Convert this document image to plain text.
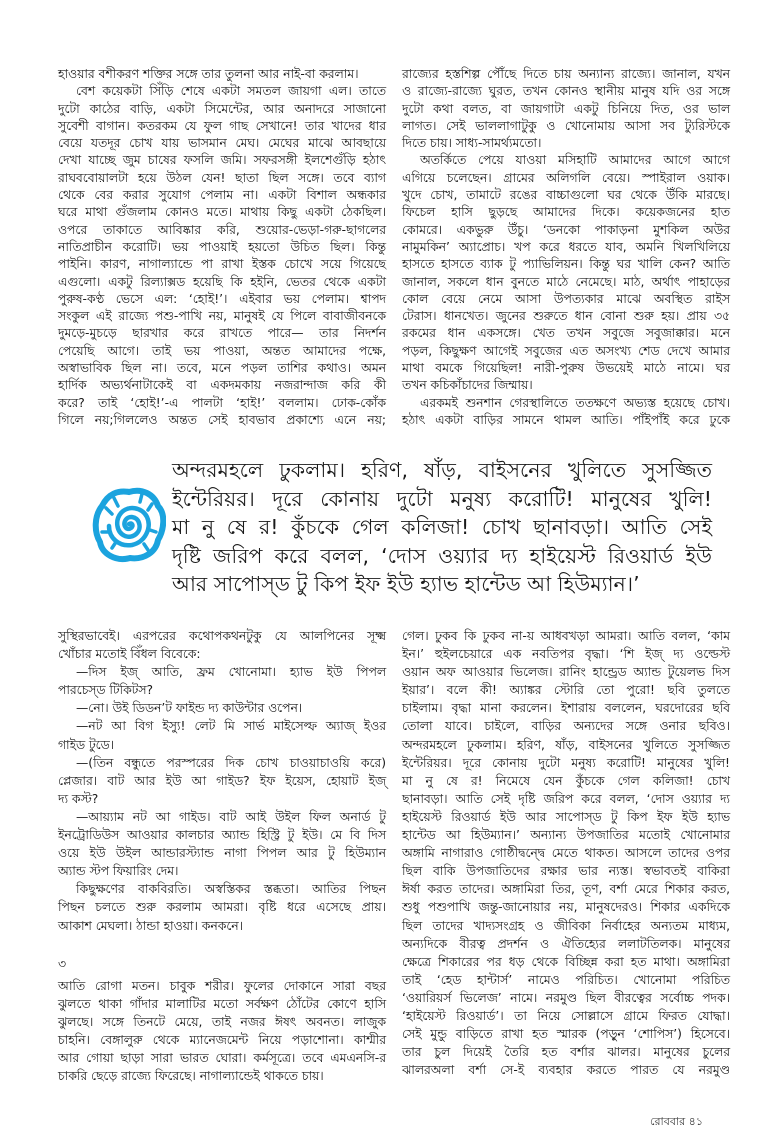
হাওয়ার বশীকরণ শক্তির সঙ্গে তার তুলনা আর নাই-বা করলাম।
বেশ কয়েকটা সিঁড়ি শেষে একটা সমতল জায়গা এল। তাতে
দুটো কাঠের বাড়ি, একটা সিমেন্টের, আর অনাদরে সাজানো
সুবেশী বাগান। কতরকম যে ফুল গাছ সেখানে! তার খাদের ধার
বেয়ে যতদূর চোখ যায় ভাসমান মেঘ। মেঘের মাঝে আবছায়ে
দেখা যাচ্ছে জুম চাষের ফসলি জমি। সফরসঙ্গী ইলশেগুঁড়ি হঠাৎ
রাঘববোয়ালটা হয়ে উঠল যেন! ছাতা ছিল সঙ্গে। তবে ব্যাগ
থেকে বের করার সুযোগ পেলাম না। একটা বিশাল অন্ধকার
ঘরে মাথা গুঁজলাম কোনও মতে। মাথায় কিছু একটা ঠেকছিল।
ওপরে তাকাতে আবিষ্কার করি, শুয়োর-ভেড়া-গরু-ছাগলের
নাতিপ্রাচীন করোটি। ভয় পাওয়াই হয়তো উচিত ছিল। কিন্তু
পাইনি। কারণ, নাগাল্যান্ডে পা রাখা ইস্তক চোখে সয়ে গিয়েছে
এগুলো। একটু রিল্যাক্সড হয়েছি কি হইনি, ভেতর থেকে একটা
পুরুষ-কণ্ঠ ভেসে এল: ‘হোই!’। এইবার ভয় পেলাম। শ্বাপদ
সংকুল এই রাজ্যে পশু-পাখি নয়, মানুষই যে পিলে বাবাজীবনকে
দুমড়ে-মুচড়ে ছারখার করে রাখতে পারে— তার নিদর্শন
পেয়েছি আগে। তাই ভয় পাওয়া, অন্তত আমাদের পক্ষে,
অস্বাভাবিক ছিল না। তবে, মনে পড়ল তাশির কথাও। অমন
হার্দিক অভ্যর্থনাটাকেই বা একদমকায় নজরান্দাজ করি কী
করে? তাই ‘হোই!’-এ পালটা ‘হাই!’ বললাম। ঢোক-কোঁক
গিলে নয়;গিললেও অন্তত সেই হাবভাব প্রকাশ্যে এনে নয়;
রাজ্যের হস্তশিল্প পৌঁছে দিতে চায় অন্যান্য রাজ্যে। জানাল, যখন
ও রাজ্যে-রাজ্যে ঘুরত, তখন কোনও স্থানীয় মানুষ যদি ওর সঙ্গে
দুটো কথা বলত, বা জায়গাটা একটু চিনিয়ে দিত, ওর ভাল
লাগত। সেই ভাললাগাটুকু ও খোনোমায় আসা সব ট্যুরিস্টকে
দিতে চায়। সাধ্য-সামর্থ্যমতো।
অতর্কিতে পেয়ে যাওয়া মসিহাটি আমাদের আগে আগে
এগিয়ে চলেছেন। গ্রামের অলিগলি বেয়ে। স্পাইরাল ওয়াক।
খুদে চোখ, তামাটে রঙের বাচ্চাগুলো ঘর থেকে উঁকি মারছে।
ফিচেল হাসি ছুড়ছে আমাদের দিকে। কয়েকজনের হাত
কোমরে। একভুরু উঁচু। ‘ডনকো পাকাড়না মুশকিল অউর
নামুমকিন’ অ্যাপ্রোচ। খপ করে ধরতে যাব, অমনি খিলখিলিয়ে
হাসতে হাসতে ব্যাক টু প্যাভিলিয়ন। কিন্তু ঘর খালি কেন? আতি
জানাল, সকলে ধান বুনতে মাঠে নেমেছে। মাঠ, অর্থাৎ পাহাড়ের
কোল বেয়ে নেমে আসা উপত্যকার মাঝে অবস্থিত রাইস
টেরাস। ধানখেত। জুনের শুরুতে ধান বোনা শুরু হয়। প্রায় ৩৫
রকমের ধান একসঙ্গে। খেত তখন সবুজে সবুজাক্কার। মনে
পড়ল, কিছুক্ষণ আগেই সবুজের এত অসংখ্য শেড দেখে আমার
মাথা বমকে গিয়েছিল! নারী-পুরুষ উভয়েই মাঠে নামে। ঘর
তখন কচিকাঁচাদের জিম্মায়।
এরকমই শুনশান গেরস্থালিতে ততক্ষণে অভ্যস্ত হয়েছে চোখ।
হঠাৎ একটা বাড়ির সামনে থামল আতি। পাঁইপাঁই করে ঢুকে
অন্দরমহলে ঢুকলাম। হরিণ, ষাঁড়, বাইসনের খুলিতে সুসজ্জিত
ইন্টেরিয়র। দূরে কোনায় দুটো মনুষ্য করোটি! মানুষের খুলি!
মা নু ষে র! কুঁচকে গেল কলিজা! চোখ ছানাবড়া। আতি সেই
দৃষ্টি জরিপ করে বলল, ‘দোস ওয়্যার দ্য হাইয়েস্ট রিওয়ার্ড ইউ
আর সাপোস্ড টু কিপ ইফ ইউ হ্যাভ হান্টেড আ হিউম্যান।’
সুস্থিরভাবেই। এরপরের কথোপকথনটুকু যে আলপিনের সূক্ষ্ম
খোঁচার মতোই বিঁধল বিবেকে:
—দিস ইজ্ আতি, ফ্রম খোনোমা। হ্যাভ ইউ পিপল
পারচেস্ড টিকিটস?
—নো। উই ডিডন’ট ফাইন্ড দ্য কাউন্টার ওপেন।
—নট আ বিগ ইস্যু! লেট মি সার্ভ মাইসেল্ফ অ্যাজ্ ইওর
গাইড টুডে।
—(তিন বন্ধুতে পরস্পরের দিক চোখ চাওয়াচাওয়ি করে)
প্লেজার। বাট আর ইউ আ গাইড? ইফ ইয়েস, হোয়াট ইজ্
দ্য কস্ট?
—আয়্যাম নট আ গাইড। বাট আই উইল ফিল অনার্ড টু
ইনট্রোডিউস আওয়ার কালচার অ্যান্ড হিস্ট্রি টু ইউ। মে বি দিস
ওয়ে ইউ উইল আন্ডারস্ট্যান্ড নাগা পিপল আর টু হিউম্যান
অ্যান্ড স্টপ ফিয়ারিং দেম।
কিছুক্ষণের বাকবিরতি। অস্বস্তিকর স্তব্ধতা। আতির পিছন
পিছন চলতে শুরু করলাম আমরা। বৃষ্টি ধরে এসেছে প্রায়।
আকাশ মেঘলা। ঠান্ডা হাওয়া। কনকনে।
৩
আতি রোগা মতন। চাবুক শরীর। ফুলের দোকানে সারা বছর
ঝুলতে থাকা গাঁদার মালাটির মতো সর্বক্ষণ ঠোঁটের কোণে হাসি
ঝুলছে। সঙ্গে তিনটে মেয়ে, তাই নজর ঈষৎ অবনত। লাজুক
চাহনি। বেঙ্গালুরু থেকে ম্যানেজমেন্ট নিয়ে পড়াশোনা। কাশ্মীর
আর গোয়া ছাড়া সারা ভারত ঘোরা। কর্মসূত্রে। তবে এমএনসি-র
চাকরি ছেড়ে রাজ্যে ফিরেছে। নাগাল্যান্ডেই থাকতে চায়।
গেল। ঢুকব কি ঢুকব না-য় আধবখড়া আমরা। আতি বলল, ‘কাম
ইন।’ হুইলচেয়ারে এক নবতিপর বৃদ্ধা। ‘শি ইজ্ দ্য ওল্ডেস্ট
ওয়ান অফ আওয়ার ভিলেজ। রানিং হান্ড্রেড অ্যান্ড টুয়েলভ দিস
ইয়ার’। বলে কী! অ্যাঙ্কর স্টোরি তো পুরো! ছবি তুলতে
চাইলাম। বৃদ্ধা মানা করলেন। ইশারায় বললেন, ঘরদোরের ছবি
তোলা যাবে। চাইলে, বাড়ির অন্যদের সঙ্গে ওনার ছবিও।
অন্দরমহলে ঢুকলাম। হরিণ, ষাঁড়, বাইসনের খুলিতে সুসজ্জিত
ইন্টেরিয়র। দূরে কোনায় দুটো মনুষ্য করোটি! মানুষের খুলি!
মা নু ষে র! নিমেষে যেন কুঁচকে গেল কলিজা! চোখ
ছানাবড়া। আতি সেই দৃষ্টি জরিপ করে বলল, ‘দোস ওয়্যার দ্য
হাইয়েস্ট রিওয়ার্ড ইউ আর সাপোস্ড টু কিপ ইফ ইউ হ্যাভ
হান্টেড আ হিউম্যান।’ অন্যান্য উপজাতির মতোই খোনোমার
অঙ্গামি নাগারাও গোষ্ঠীদ্বন্দ্বে মেতে থাকত। আসলে তাদের ওপর
ছিল বাকি উপজাতিদের রক্ষার ভার ন্যস্ত। স্বভাবতই বাকিরা
ঈর্ষা করত তাদের। অঙ্গামিরা তির, তূণ, বর্শা মেরে শিকার করত,
শুধু পশুপাখি জন্তু-জানোয়ার নয়, মানুষদেরও। শিকার একদিকে
ছিল তাদের খাদ্যসংগ্রহ ও জীবিকা নির্বাহের অন্যতম মাধ্যম,
অন্যদিকে বীরত্ব প্রদর্শন ও ঐতিহ্যের ললাটতিলক। মানুষের
ক্ষেত্রে শিকারের পর ধড় থেকে বিচ্ছিন্ন করা হত মাথা। অঙ্গামিরা
তাই ‘হেড হান্টার্স’ নামেও পরিচিত। খোনোমা পরিচিত
‘ওয়ারিয়র্স ভিলেজ’ নামে। নরমুণ্ড ছিল বীরত্বের সর্বোচ্চ পদক।
‘হাইয়েস্ট রিওয়ার্ড’। তা নিয়ে সোল্লাসে গ্রামে ফিরত যোদ্ধা।
সেই মুন্ডু বাড়িতে রাখা হত স্মারক (পড়ুন ‘শোপিস’) হিসেবে।
তার চুল দিয়েই তৈরি হত বর্শার ঝালর। মানুষের চুলের
ঝালরঅলা বর্শা সে-ই ব্যবহার করতে পারত যে নরমুণ্ড
রোববার ৪১
